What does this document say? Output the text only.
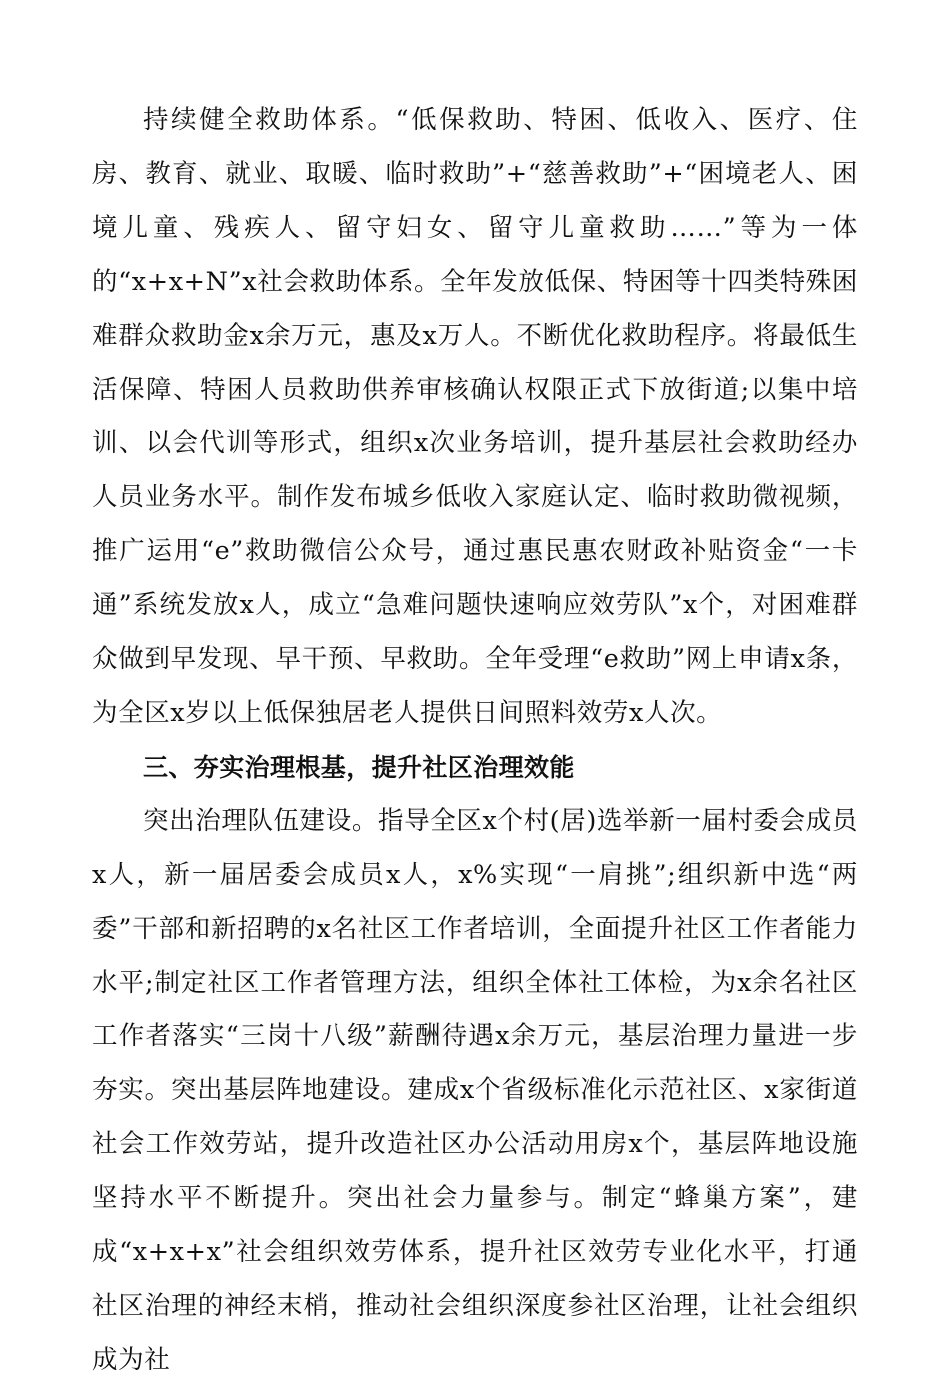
持续健全救助体系。“低保救助、特困、低收入、医疗、住房、教育、就业、取暖、临时救助”+“慈善救助”+“困境老人、困境儿童、残疾人、留守妇女、留守儿童救助……”等为一体的“x+x+N”x社会救助体系。全年发放低保、特困等十四类特殊困难群众救助金x余万元，惠及x万人。不断优化救助程序。将最低生活保障、特困人员救助供养审核确认权限正式下放街道;以集中培训、以会代训等形式，组织x次业务培训，提升基层社会救助经办人员业务水平。制作发布城乡低收入家庭认定、临时救助微视频，推广运用“e”救助微信公众号，通过惠民惠农财政补贴资金“一卡通”系统发放x人，成立“急难问题快速响应效劳队”x个，对困难群众做到早发现、早干预、早救助。全年受理“e救助”网上申请x条，为全区x岁以上低保独居老人提供日间照料效劳x人次。

三、夯实治理根基，提升社区治理效能

突出治理队伍建设。指导全区x个村(居)选举新一届村委会成员x人，新一届居委会成员x人，x%实现“一肩挑”;组织新中选“两委”干部和新招聘的x名社区工作者培训，全面提升社区工作者能力水平;制定社区工作者管理方法，组织全体社工体检，为x余名社区工作者落实“三岗十八级”薪酬待遇x余万元，基层治理力量进一步夯实。突出基层阵地建设。建成x个省级标准化示范社区、x家街道社会工作效劳站，提升改造社区办公活动用房x个，基层阵地设施坚持水平不断提升。突出社会力量参与。制定“蜂巢方案”，建成“x+x+x”社会组织效劳体系，提升社区效劳专业化水平，打通社区治理的神经末梢，推动社会组织深度参社区治理，让社会组织成为社
